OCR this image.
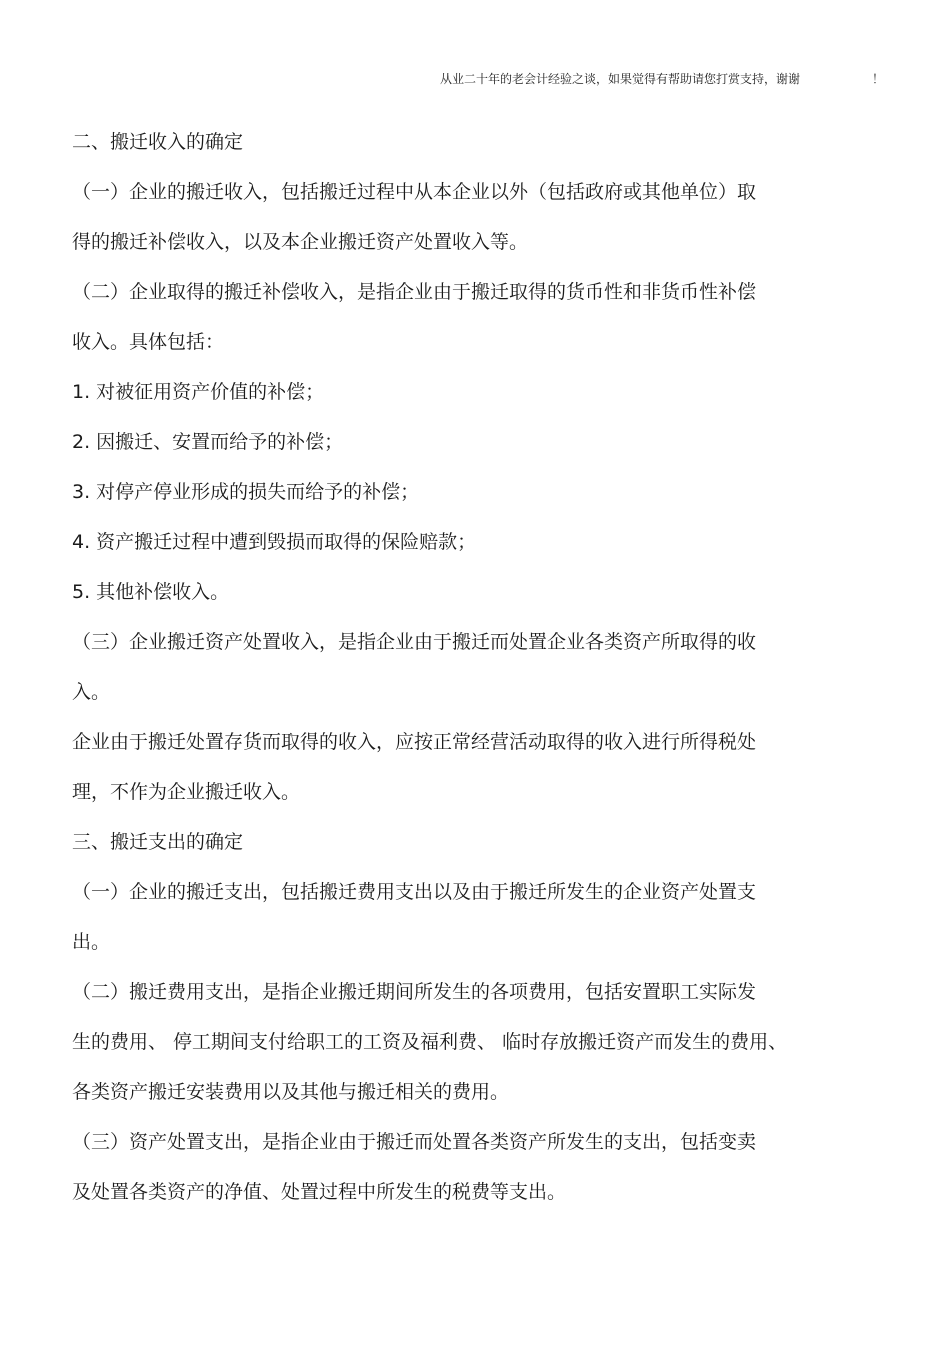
从业二十年的老会计经验之谈，如果觉得有帮助请您打赏支持，谢谢	！
二、搬迁收入的确定
（一）企业的搬迁收入，包括搬迁过程中从本企业以外（包括政府或其他单位）取
得的搬迁补偿收入，以及本企业搬迁资产处置收入等。
（二）企业取得的搬迁补偿收入，是指企业由于搬迁取得的货币性和非货币性补偿
收入。具体包括：
1. 对被征用资产价值的补偿；
2. 因搬迁、安置而给予的补偿；
3. 对停产停业形成的损失而给予的补偿；
4. 资产搬迁过程中遭到毁损而取得的保险赔款；
5. 其他补偿收入。
（三）企业搬迁资产处置收入，是指企业由于搬迁而处置企业各类资产所取得的收
入。
企业由于搬迁处置存货而取得的收入，应按正常经营活动取得的收入进行所得税处
理，不作为企业搬迁收入。
三、搬迁支出的确定
（一）企业的搬迁支出，包括搬迁费用支出以及由于搬迁所发生的企业资产处置支
出。
（二）搬迁费用支出，是指企业搬迁期间所发生的各项费用，包括安置职工实际发
生的费用、 停工期间支付给职工的工资及福利费、 临时存放搬迁资产而发生的费用、
各类资产搬迁安装费用以及其他与搬迁相关的费用。
（三）资产处置支出，是指企业由于搬迁而处置各类资产所发生的支出，包括变卖
及处置各类资产的净值、处置过程中所发生的税费等支出。
